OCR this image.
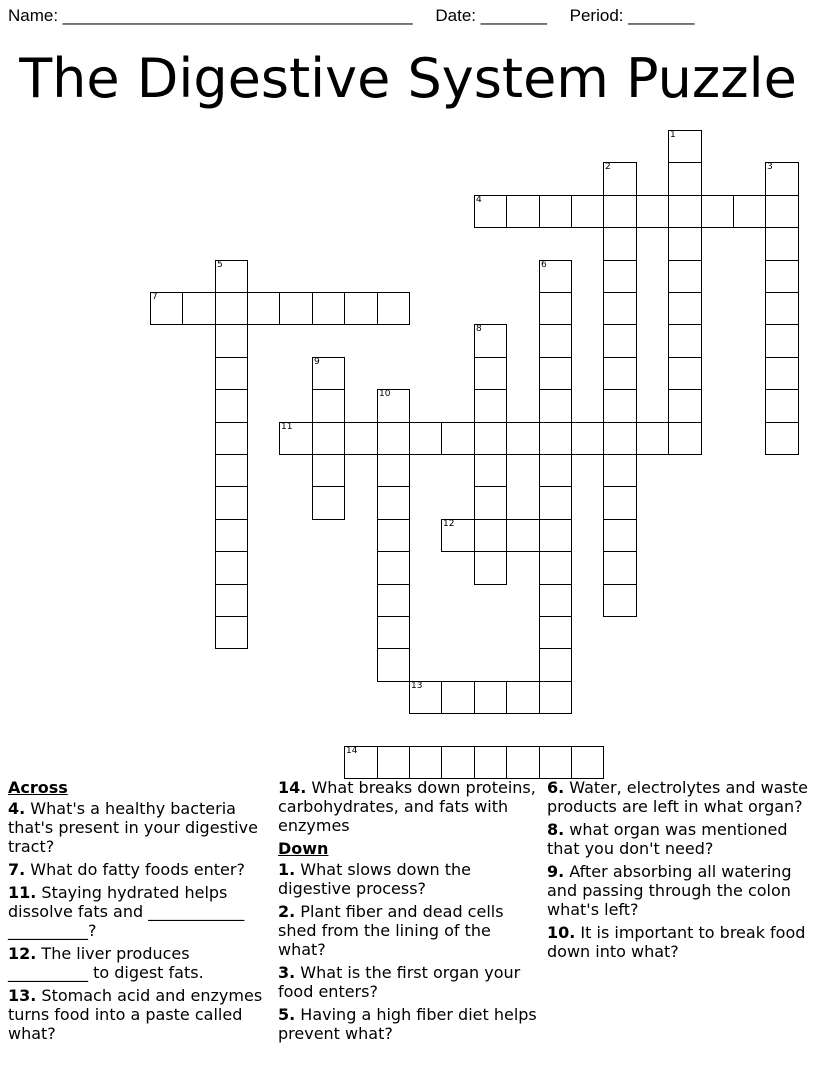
Name: _____________________________________ Date: _______ Period: _______
The Digestive System Puzzle
1
2	3
4
5	6
7
8
9
10
11
12
13
14
Across
4. What's a healthy bacteria that's present in your digestive tract?
7. What do fatty foods enter?
11. Staying hydrated helps dissolve fats and ____________ __________?
12. The liver produces __________ to digest fats.
13. Stomach acid and enzymes turns food into a paste called what?
14. What breaks down proteins, carbohydrates, and fats with enzymes
Down
1. What slows down the digestive process?
2. Plant fiber and dead cells shed from the lining of the what?
3. What is the first organ your food enters?
5. Having a high fiber diet helps prevent what?
6. Water, electrolytes and waste products are left in what organ?
8. what organ was mentioned that you don't need?
9. After absorbing all watering and passing through the colon what's left?
10. It is important to break food down into what?
